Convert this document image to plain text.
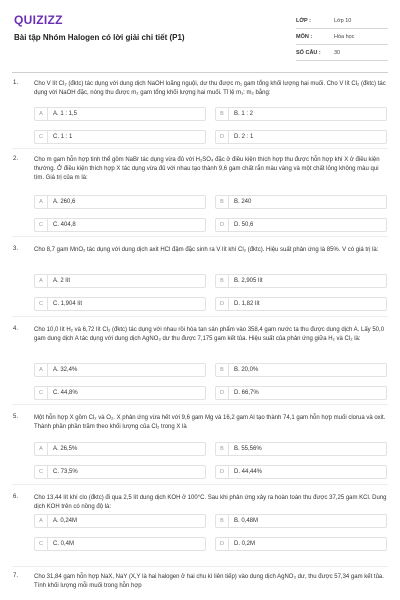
QUIZIZZ
Bài tập Nhóm Halogen có lời giải chi tiết (P1)
LỚP :	Lớp 10
MÔN :	Hóa học
SỐ CÂU :	30
1.	Cho V lít Cl₂ (đktc) tác dụng với dung dịch NaOH loãng nguội, dư thu được m₁ gam tổng khối lượng hai muối. Cho V lít Cl₂ (đktc) tác dụng với NaOH đặc, nóng thu được m₂ gam tổng khối lượng hai muối. Tỉ lệ m₁: m₂ bằng:
A	A. 1 : 1,5	B	B. 1 : 2
C	C. 1 : 1	D	D. 2 : 1
2.	Cho m gam hỗn hợp tinh thể gồm NaBr tác dụng vừa đủ với H₂SO₄ đặc ở điều kiện thích hợp thu được hỗn hợp khí X ở điều kiện thường. Ở điều kiện thích hợp X tác dụng vừa đủ với nhau tạo thành 9,6 gam chất rắn màu vàng và một chất lỏng không màu qui tím. Giá trị của m là:
A	A. 260,6	B	B. 240
C	C. 404,8	D	D. 50,6
3.	Cho 8,7 gam MnO₂ tác dụng với dung dịch axit HCl đậm đặc sinh ra V lít khí Cl₂ (đktc). Hiệu suất phản ứng là 85%. V có giá trị là:
A	A. 2 lít	B	B. 2,905 lít
C	C. 1,904 lít	D	D. 1,82 lít
4.	Cho 10,0 lít H₂ và 6,72 lít Cl₂ (đktc) tác dụng với nhau rồi hòa tan sản phẩm vào 358,4 gam nước ta thu được dung dịch A. Lấy 50,0 gam dung dịch A tác dụng với dung dịch AgNO₃ dư thu được 7,175 gam kết tủa. Hiệu suất của phản ứng giữa H₂ và Cl₂ là:
A	A. 32,4%	B	B. 20,0%
C	C. 44,8%	D	D. 66,7%
5.	Một hỗn hợp X gồm Cl₂ và O₂. X phản ứng vừa hết với 9,6 gam Mg và 16,2 gam Al tạo thành 74,1 gam hỗn hợp muối clorua và oxit. Thành phần phần trăm theo khối lượng của Cl₂ trong X là
A	A. 26,5%	B	B. 55,56%
C	C. 73,5%	D	D. 44,44%
6.	Cho 13,44 lít khí clo (đktc) đi qua 2,5 lít dung dịch KOH ở 100°C. Sau khi phản ứng xảy ra hoàn toàn thu được 37,25 gam KCl. Dung dịch KOH trên có nồng độ là:
A	A. 0,24M	B	B. 0,48M
C	C. 0,4M	D	D. 0,2M
7.	Cho 31,84 gam hỗn hợp NaX, NaY (X,Y là hai halogen ở hai chu kì liên tiếp) vào dung dịch AgNO₃ dư, thu được 57,34 gam kết tủa. Tính khối lượng mỗi muối trong hỗn hợp
